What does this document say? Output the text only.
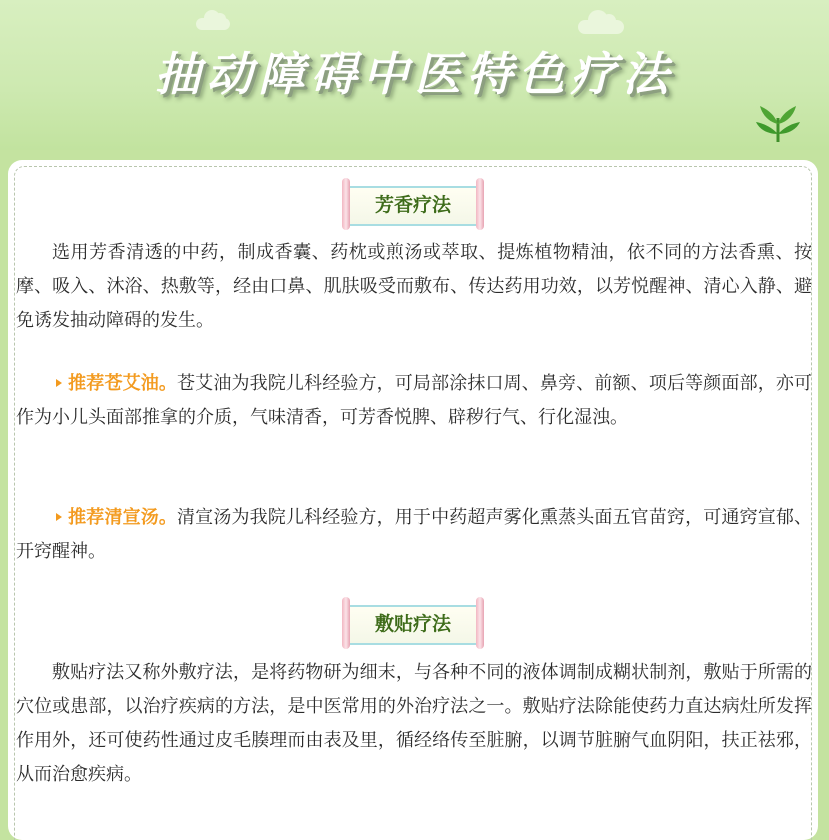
抽动障碍中医特色疗法
芳香疗法
选用芳香清透的中药，制成香囊、药枕或煎汤或萃取、提炼植物精油，依不同的方法香熏、按摩、吸入、沐浴、热敷等，经由口鼻、肌肤吸受而敷布、传达药用功效，以芳悦醒神、清心入静、避免诱发抽动障碍的发生。
推荐苍艾油。苍艾油为我院儿科经验方，可局部涂抹口周、鼻旁、前额、项后等颜面部，亦可作为小儿头面部推拿的介质，气味清香，可芳香悦脾、辟秽行气、行化湿浊。
推荐清宣汤。清宣汤为我院儿科经验方，用于中药超声雾化熏蒸头面五官苗窍，可通窍宣郁、开窍醒神。
敷贴疗法
敷贴疗法又称外敷疗法，是将药物研为细末，与各种不同的液体调制成糊状制剂，敷贴于所需的穴位或患部，以治疗疾病的方法，是中医常用的外治疗法之一。敷贴疗法除能使药力直达病灶所发挥作用外，还可使药性通过皮毛腠理而由表及里，循经络传至脏腑，以调节脏腑气血阴阳，扶正祛邪，从而治愈疾病。
